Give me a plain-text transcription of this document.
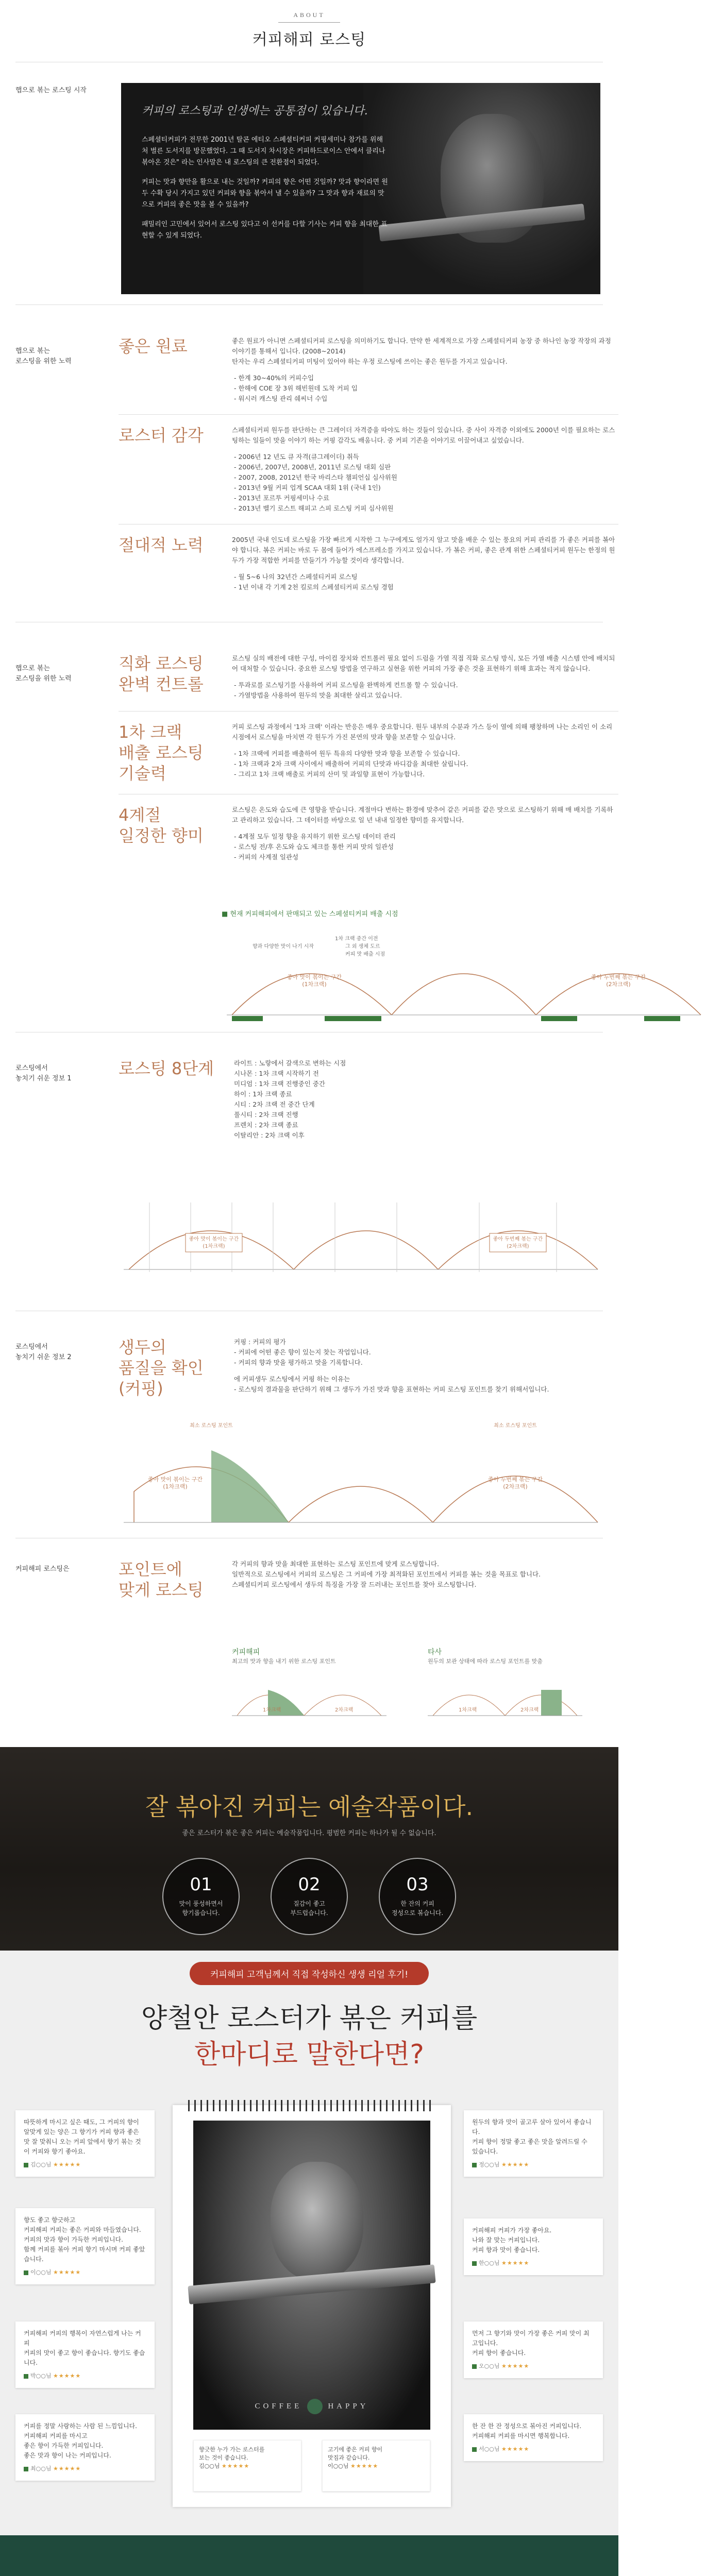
ABOUT
커피해피 로스팅
햅으로 볶는 로스팅 시작
커피의 로스팅과 인생에는 공통점이 있습니다.

스페셜티커피가 전무한 2001년 탈콘 에티오 스페셜티커피 커핑세미나 참가를 위해처 벌른 도서지를 방문했었다. 그 때 도서지 차시장은 커피하드로이스 안에서 클리나 볶아온 것은" 라는 인사말은 내 로스팅의 큰 전환점이 되었다.

커피는 맛과 향만을 활으로 내는 것일까? 커피의 향은 어떤 것일까? 맛과 향이라면 원두 수확 당시 가지고 있던 커피와 향을 볶아서 낼 수 있을까? 그 맛과 향과 재료의 맛으로 커피의 좋은 맛을 볼 수 있을까?

패밀리인 고민에서 있어서 로스팅 있다고 이 선커를 다할 기사는 커피 향을 최대한 표현할 수 있게 되었다.

햅으로 볶는
로스팅을 위한 노력
좋은 원료	좋은 원료가 아니면 스페셜티커피 로스팅을 의미하기도 합니다. 만약 한 세계적으로 가장 스페셜티커피 농장 중 하나인 농장 작장의 과정 이야기를 통해서 입니다. (2008~2014)
탄자는 우리 스페셜티커피 미팅이 있어야 하는 우정 로스팅에 쓰이는 좋은 원두를 가지고 있습니다.
- 한계 30~40%의 커피수입
- 한해에 COE 장 3위 해빈원데 도착 커피 입
- 워시러 캐스팅 관리 쉐씨너 수입
로스터 감각	스페셜티커피 원두를 판단하는 큰 그레이더 자격증을 따야도 하는 것들이 있습니다. 중 사이 자격증 이외에도 2000년 이를 필요하는 로스팅하는 일들이 맛을 이야기 하는 커핑 감각도 배움니다. 중 커피 기존을 이야기로 이끌어내고 싶었습니다.
- 2006년 12 년도 큐 자격(큐그레이더) 취득
- 2006년, 2007년, 2008년, 2011년 로스팅 대회 심판
- 2007, 2008, 2012년 한국 바리스타 챔피언십 심사위원
- 2013년 9월 커피 업계 SCAA 대회 1위 (국내 1인)
- 2013년 포르투 커핑세미나 수료
- 2013년 벨기 로스트 해피고 스피 로스팅 커피 심사위원
절대적 노력	2005년 국내 인도네 로스팅을 가장 빠르게 시작한 그 누구에게도 얼가지 알고 맛을 배운 수 있는 풍요의 커피 관리를 가 좋은 커피를 볶아야 합니다. 볶은 커피는 바로 두 몸에 들어가 에스프레소를 가지고 있습니다. 가 볶은 커피, 좋은 관계 위한 스페셜티커피 원두는 한정의 원두가 가장 적합한 커피를 만들기가 가능할 것이라 생각합니다.
- 월 5~6 나의 32년간 스페셜티커피 로스팅
- 1년 이내 각 기계 2천 킬로의 스페셜티커피 로스팅 경험
햅으로 볶는
로스팅을 위한 노력
직화 로스팅
완벽 컨트롤
로스팅 실의 배전에 대한 구성, 마이컴 장치와 컨트롤러 필요 없이 드럼을 가열 직접 직화 로스팅 방식, 모든 가열 배출 시스템 안에 배치되어 대처할 수 있습니다. 중요한 로스팅 방법을 연구하고 실현을 위한 커피의 가장 좋은 것을 표현하기 위해 효과는 적지 않습니다.
- 투과로를 로스팅기를 사용하여 커피 로스팅을 완벽하게 컨트롤 할 수 있습니다.
- 가열방법을 사용하여 원두의 맛을 최대한 살리고 있습니다.
1차 크랙
배출 로스팅
기술력
커피 로스팅 과정에서 '1차 크랙' 이라는 반응은 매우 중요합니다. 원두 내부의 수분과 가스 등이 열에 의해 팽창하며 나는 소리인 이 소리 시점에서 로스팅을 마치면 각 원두가 가진 본연의 맛과 향을 보존할 수 있습니다.
- 1차 크랙에 커피를 배출하여 원두 특유의 다양한 맛과 향을 보존할 수 있습니다.
- 1차 크랙과 2차 크랙 사이에서 배출하여 커피의 단맛과 바디감을 최대한 살립니다.
- 그리고 1차 크랙 배출로 커피의 산미 및 과일향 표현이 가능합니다.
4계절
일정한 향미
로스팅은 온도와 습도에 큰 영향을 받습니다. 계절마다 변하는 환경에 맞추어 같은 커피를 같은 맛으로 로스팅하기 위해 매 배치를 기록하고 관리하고 있습니다. 그 데이터를 바탕으로 일 년 내내 일정한 향미를 유지합니다.
- 4계절 모두 일정 향을 유지하기 위한 로스팅 데이터 관리
- 로스팅 전/후 온도와 습도 체크를 통한 커피 맛의 일관성
- 커피의 사계절 일관성
■ 현재 커피해피에서 판매되고 있는 스페셜티커피 배출 시점
좋아 맛이 볶이는 구간
(1차크랙)
좋아 두번째 볶는 구간
(2차크랙)
향과 다양한 맛이 나기 시작
1차 크랙 중간 이전
그 외 생체 도르
커피 맛 배출 시점
로스팅에서
놓치기 쉬운 정보 1
로스팅 8단계	라이트 : 노랗에서 갈색으로 변하는 시점
시나몬 : 1차 크랙 시작하기 전
미디엄 : 1차 크랙 진행중인 중간
하이 : 1차 크랙 종료
시티 : 2차 크랙 전 중간 단계
풀시티 : 2차 크랙 진행
프렌치 : 2차 크랙 종료
이탈리안 : 2차 크랙 이후
좋아 맛이 볶이는 구간
(1차크랙)
좋아 두번째 볶는 구간
(2차크랙)
로스팅에서
놓치기 쉬운 정보 2
생두의
품질을 확인
(커핑)
커핑 : 커피의 평가
- 커피에 어떤 좋은 향이 있는지 찾는 작업입니다.
- 커피의 향과 맛을 평가하고 맛을 기록합니다.
에 커피생두 로스팅에서 커핑 하는 이유는
- 로스팅의 결과물을 판단하기 위해 그 생두가 가진 맛과 향을 표현하는 커피 로스팅 포인트를 찾기 위해서입니다.
최소 로스팅 포인트	최소 로스팅 포인트
좋아 맛이 볶이는 구간
(1차크랙)
좋아 두번째 볶는 구간
(2차크랙)
커피해피 로스팅은	포인트에
맞게 로스팅
각 커피의 향과 맛을 최대한 표현하는 로스팅 포인트에 맞게 로스팅합니다.
일반적으로 로스팅에서 커피의 로스팅은 그 커피에 가장 최적화된 포인트에서 커피를 볶는 것을 목표로 합니다.
스페셜티커피 로스팅에서 생두의 특징을 가장 잘 드러내는 포인트를 찾아 로스팅합니다.
커피해피
최고의 맛과 향을 내기 위한 로스팅 포인트
1차크랙	2차크랙
타사
원두의 보관 상태에 따라 로스팅 포인트를 맞춤
1차크랙	2차크랙
잘 볶아진 커피는 예술작품이다.
좋은 로스터가 볶은 좋은 커피는 예술작품입니다. 평범한 커피는 하나가 될 수 없습니다.
01
맛이 풍성하면서
향기롭습니다.
02
질감이 좋고
부드럽습니다.
03
한 잔의 커피
정성으로 볶습니다.
커피해피 고객님께서 직접 작성하신 생생 리얼 후기!
양철안 로스터가 볶은 커피를
한마디로 말한다면?
COFFEE	HAPPY
향긋한 누가 가는 로스터를
보는 것이 좋습니다.
김○○님 ★★★★★
고기에 좋은 커피 향이
맛집과 같습니다.
이○○님 ★★★★★
따뜻하게 마시고 싶은 때도, 그 커피의 향이 알맞게 있는 양은 그 향기가 커피 향과 좋은 맛 잘 맞춰니 오는 커피 앞에서 향기 볶는 것이 커피와 향기 좋아요.
김○○님 ★★★★★
향도 좋고 향긋하고
커피해피 커피는 좋은 커피와 마들였습니다.
커피의 맛과 향이 가득한 커피입니다.
함께 커피를 볶아 커피 향기 마시며 커피 좋았습니다.
이○○님 ★★★★★
커피해피 커피의 행복이 자연스럽게 나는 커피
커피의 맛이 좋고 향이 좋습니다. 향기도 좋습니다.
박○○님 ★★★★★
커피를 정말 사랑하는 사람 된 느낌입니다.
커피해피 커피를 마시고
좋은 향이 가득한 커피입니다.
좋은 맛과 향이 나는 커피입니다.
최○○님 ★★★★★
원두의 향과 맛이 골고루 살아 있어서 좋습니다.
커피 향이 정말 좋고 좋은 맛을 알려드릴 수 있습니다.
정○○님 ★★★★★
커피해피 커피가 가장 좋아요.
나와 잘 맞는 커피입니다.
커피 향과 맛이 좋습니다.
한○○님 ★★★★★
먼저 그 향기와 맛이 가장 좋은 커피 맛이 최고입니다.
커피 향이 좋습니다.
오○○님 ★★★★★
한 잔 한 잔 정성으로 볶아진 커피입니다.
커피해피 커피를 마시면 행복합니다.
서○○님 ★★★★★
